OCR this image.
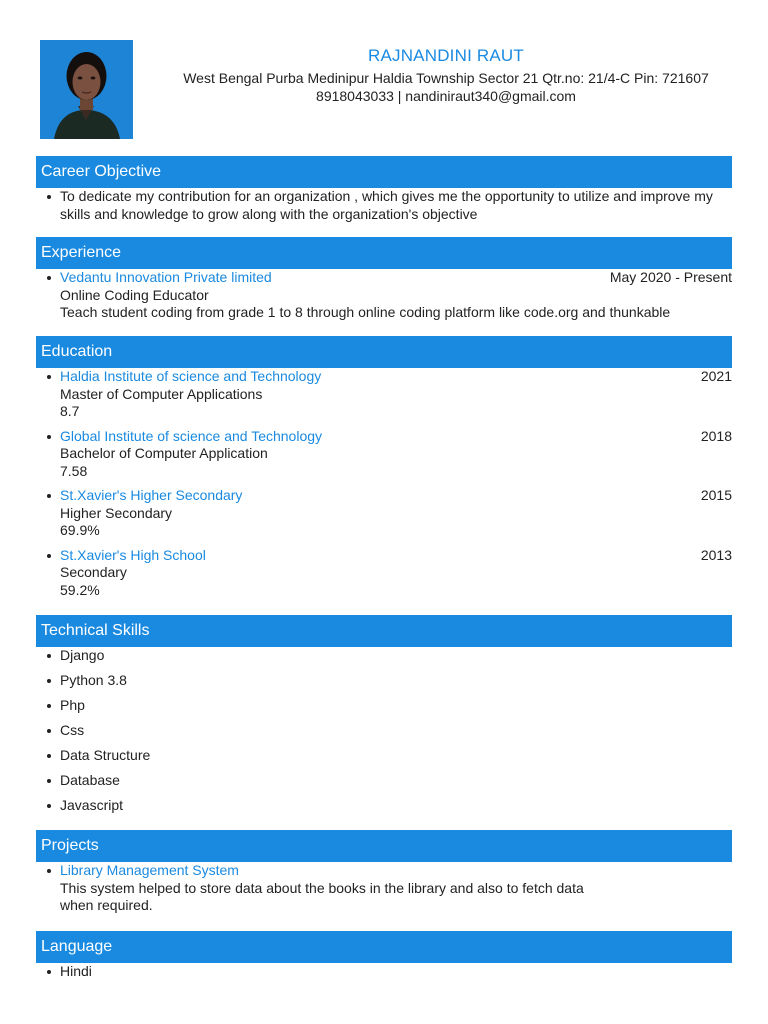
RAJNANDINI RAUT
West Bengal Purba Medinipur Haldia Township Sector 21 Qtr.no: 21/4-C Pin: 721607
8918043033 | nandiniraut340@gmail.com
Career Objective
To dedicate my contribution for an organization , which gives me the opportunity to utilize and improve my skills and knowledge to grow along with the organization's objective
Experience
Vedantu Innovation Private limited	May 2020 - Present
Online Coding Educator
Teach student coding from grade 1 to 8 through online coding platform like code.org and thunkable
Education
Haldia Institute of science and Technology	2021
Master of Computer Applications
8.7
Global Institute of science and Technology	2018
Bachelor of Computer Application
7.58
St.Xavier's Higher Secondary	2015
Higher Secondary
69.9%
St.Xavier's High School	2013
Secondary
59.2%
Technical Skills
Django
Python 3.8
Php
Css
Data Structure
Database
Javascript
Projects
Library Management System
This system helped to store data about the books in the library and also to fetch data
when required.
Language
Hindi
